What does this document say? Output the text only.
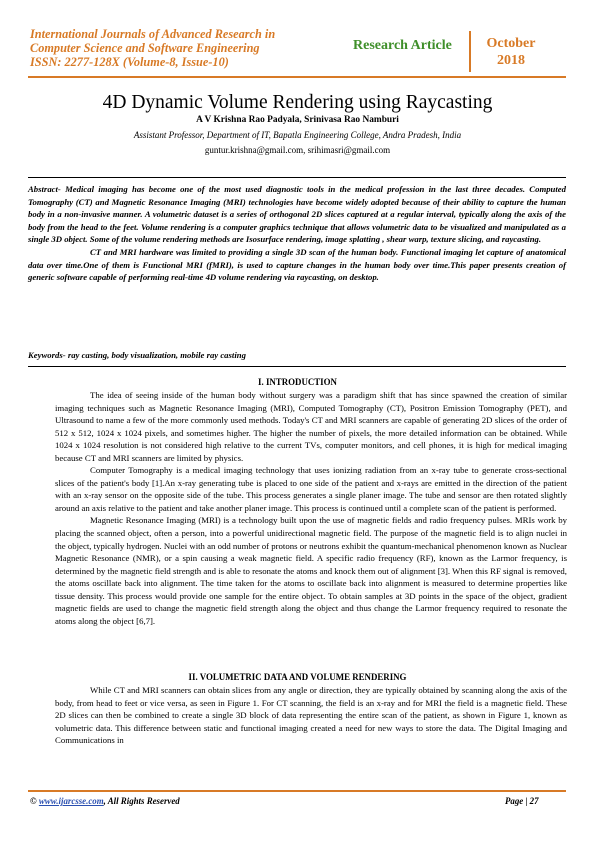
International Journals of Advanced Research in
Computer Science and Software Engineering
ISSN: 2277-128X (Volume-8, Issue-10)
Research Article	October
2018
4D Dynamic Volume Rendering using Raycasting
A V Krishna Rao Padyala, Srinivasa Rao Namburi
Assistant Professor, Department of IT, Bapatla Engineering College, Andra Pradesh, India
guntur.krishna@gmail.com, srihimasri@gmail.com

Abstract- Medical imaging has become one of the most used diagnostic tools in the medical profession in the last three decades. Computed Tomography (CT) and Magnetic Resonance Imaging (MRI) technologies have become widely adopted because of their ability to capture the human body in a non-invasive manner. A volumetric dataset is a series of orthogonal 2D slices captured at a regular interval, typically along the axis of the body from the head to the feet. Volume rendering is a computer graphics technique that allows volumetric data to be visualized and manipulated as a single 3D object. Some of the volume rendering methods are Isosurface rendering, image splatting , shear warp, texture slicing, and raycasting.

CT and MRI hardware was limited to providing a single 3D scan of the human body. Functional imaging let capture of anatomical data over time.One of them is Functional MRI (fMRI), is used to capture changes in the human body over time.This paper presents creation of generic software capable of performing real-time 4D volume rendering via raycasting, on desktop.

Keywords- ray casting, body visualization, mobile ray casting
I. INTRODUCTION

The idea of seeing inside of the human body without surgery was a paradigm shift that has since spawned the creation of similar imaging techniques such as Magnetic Resonance Imaging (MRI), Computed Tomography (CT), Positron Emission Tomography (PET), and Ultrasound to name a few of the more commonly used methods. Today's CT and MRI scanners are capable of generating 2D slices of the order of 512 x 512, 1024 x 1024 pixels, and sometimes higher. The higher the number of pixels, the more detailed information can be obtained. While 1024 x 1024 resolution is not considered high relative to the current TVs, computer monitors, and cell phones, it is high for medical imaging because CT and MRI scanners are limited by physics.

Computer Tomography is a medical imaging technology that uses ionizing radiation from an x-ray tube to generate cross-sectional slices of the patient's body [1].An x-ray generating tube is placed to one side of the patient and x-rays are emitted in the direction of the patient with an x-ray sensor on the opposite side of the tube. This process generates a single planer image. The tube and sensor are then rotated slightly around an axis relative to the patient and take another planer image. This process is continued until a complete scan of the patient is performed.

Magnetic Resonance Imaging (MRI) is a technology built upon the use of magnetic fields and radio frequency pulses. MRIs work by placing the scanned object, often a person, into a powerful unidirectional magnetic field. The purpose of the magnetic field is to align nuclei in the object, typically hydrogen. Nuclei with an odd number of protons or neutrons exhibit the quantum-mechanical phenomenon known as Nuclear Magnetic Resonance (NMR), or a spin causing a weak magnetic field. A specific radio frequency (RF), known as the Larmor frequency, is determined by the magnetic field strength and is able to resonate the atoms and knock them out of alignment [3]. When this RF signal is removed, the atoms oscillate back into alignment. The time taken for the atoms to oscillate back into alignment is measured to determine properties like tissue density. This process would provide one sample for the entire object. To obtain samples at 3D points in the space of the object, gradient magnetic fields are used to change the magnetic field strength along the object and thus change the Larmor frequency required to resonate the atoms along the object [6,7].

II. VOLUMETRIC DATA AND VOLUME RENDERING

While CT and MRI scanners can obtain slices from any angle or direction, they are typically obtained by scanning along the axis of the body, from head to feet or vice versa, as seen in Figure 1. For CT scanning, the field is an x-ray and for MRI the field is a magnetic field. These 2D slices can then be combined to create a single 3D block of data representing the entire scan of the patient, as shown in Figure 1, known as volumetric data. This difference between static and functional imaging created a need for new ways to store the data. The Digital Imaging and Communications in

© www.ijarcsse.com, All Rights Reserved	Page | 27
